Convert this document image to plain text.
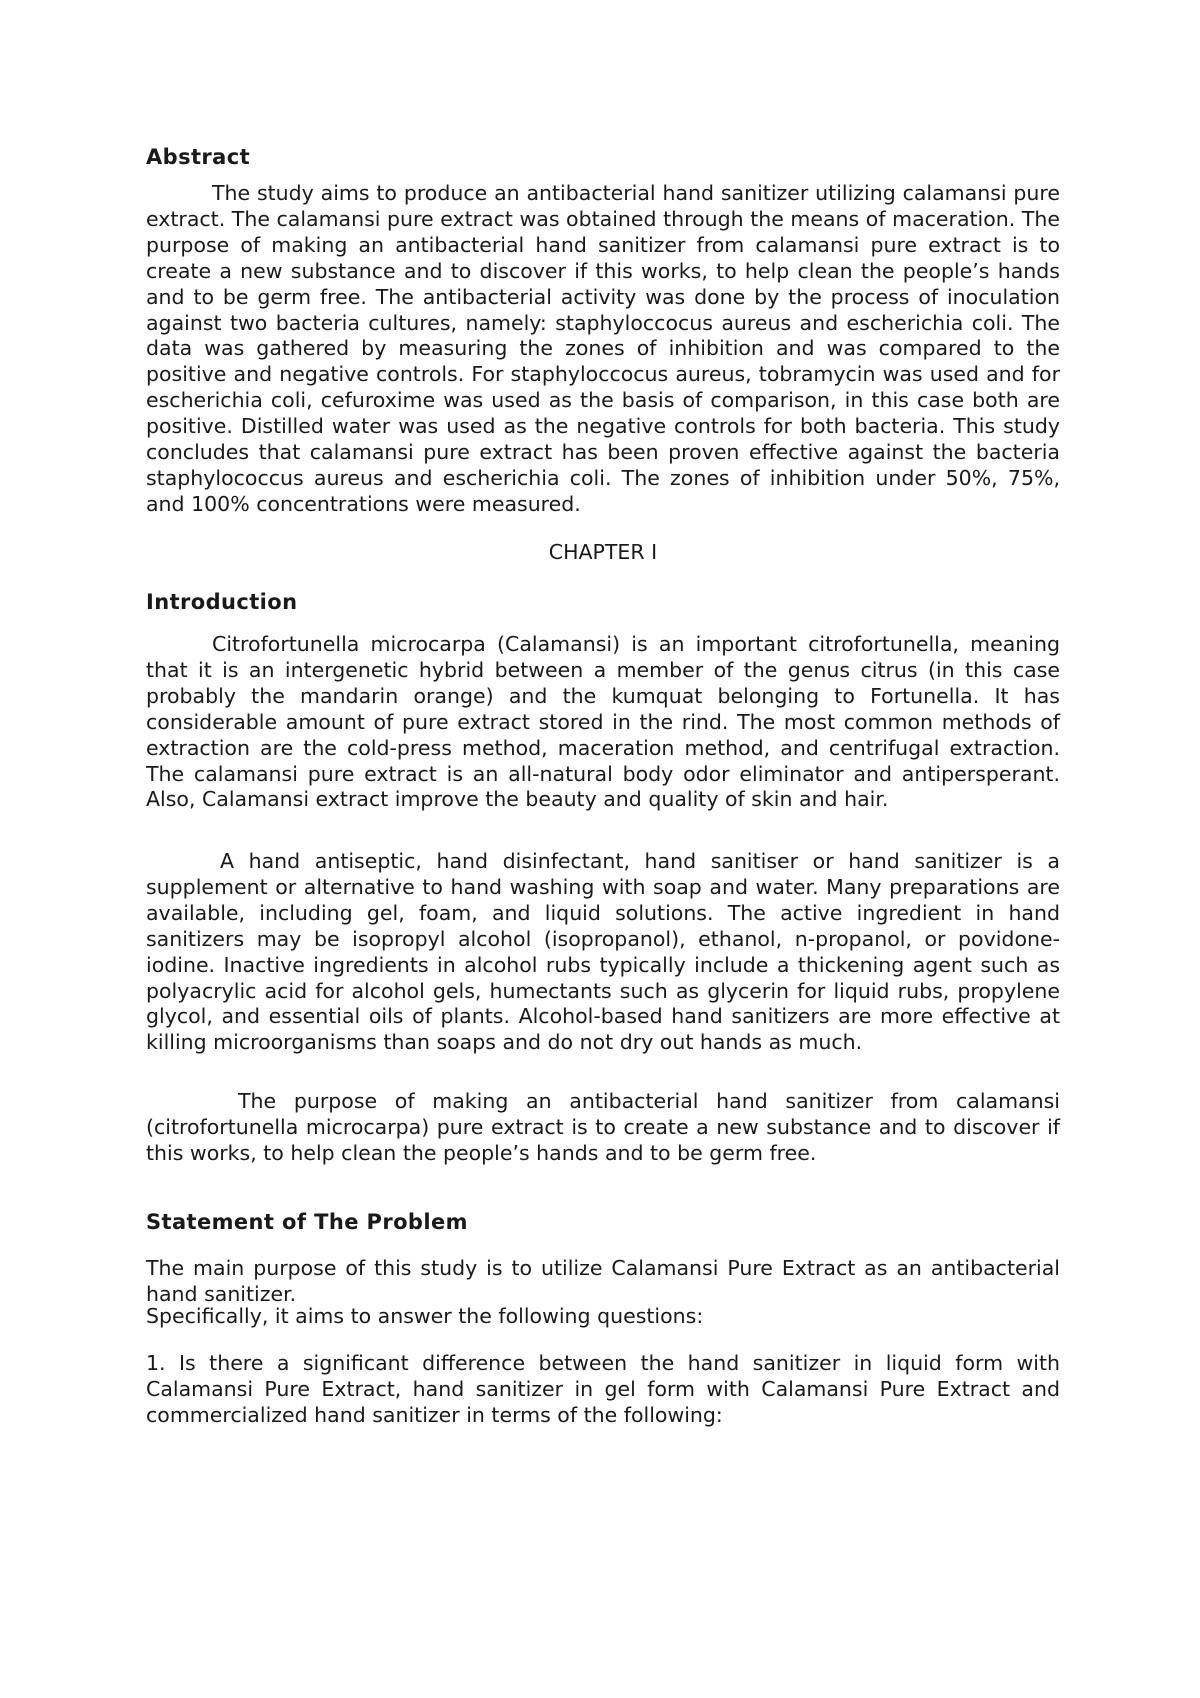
Abstract

The study aims to produce an antibacterial hand sanitizer utilizing calamansi pure extract. The calamansi pure extract was obtained through the means of maceration. The purpose of making an antibacterial hand sanitizer from calamansi pure extract is to create a new substance and to discover if this works, to help clean the people’s hands and to be germ free. The antibacterial activity was done by the process of inoculation against two bacteria cultures, namely: staphyloccocus aureus and escherichia coli. The data was gathered by measuring the zones of inhibition and was compared to the positive and negative controls. For staphyloccocus aureus, tobramycin was used and for escherichia coli, cefuroxime was used as the basis of comparison, in this case both are positive. Distilled water was used as the negative controls for both bacteria. This study concludes that calamansi pure extract has been proven effective against the bacteria staphylococcus aureus and escherichia coli. The zones of inhibition under 50%, 75%, and 100% concentrations were measured.

CHAPTER I
Introduction

Citrofortunella microcarpa (Calamansi) is an important citrofortunella, meaning that it is an intergenetic hybrid between a member of the genus citrus (in this case probably the mandarin orange) and the kumquat belonging to Fortunella. It has considerable amount of pure extract stored in the rind. The most common methods of extraction are the cold-press method, maceration method, and centrifugal extraction. The calamansi pure extract is an all-natural body odor eliminator and antipersperant. Also, Calamansi extract improve the beauty and quality of skin and hair.

A hand antiseptic, hand disinfectant, hand sanitiser or hand sanitizer is a supplement or alternative to hand washing with soap and water. Many preparations are available, including gel, foam, and liquid solutions. The active ingredient in hand sanitizers may be isopropyl alcohol (isopropanol), ethanol, n-propanol, or povidone-iodine. Inactive ingredients in alcohol rubs typically include a thickening agent such as polyacrylic acid for alcohol gels, humectants such as glycerin for liquid rubs, propylene glycol, and essential oils of plants. Alcohol-based hand sanitizers are more effective at killing microorganisms than soaps and do not dry out hands as much.

The purpose of making an antibacterial hand sanitizer from calamansi (citrofortunella microcarpa) pure extract is to create a new substance and to discover if this works, to help clean the people’s hands and to be germ free.

Statement of The Problem

The main purpose of this study is to utilize Calamansi Pure Extract as an antibacterial hand sanitizer.

Specifically, it aims to answer the following questions:

1. Is there a significant difference between the hand sanitizer in liquid form with Calamansi Pure Extract, hand sanitizer in gel form with Calamansi Pure Extract and commercialized hand sanitizer in terms of the following:
